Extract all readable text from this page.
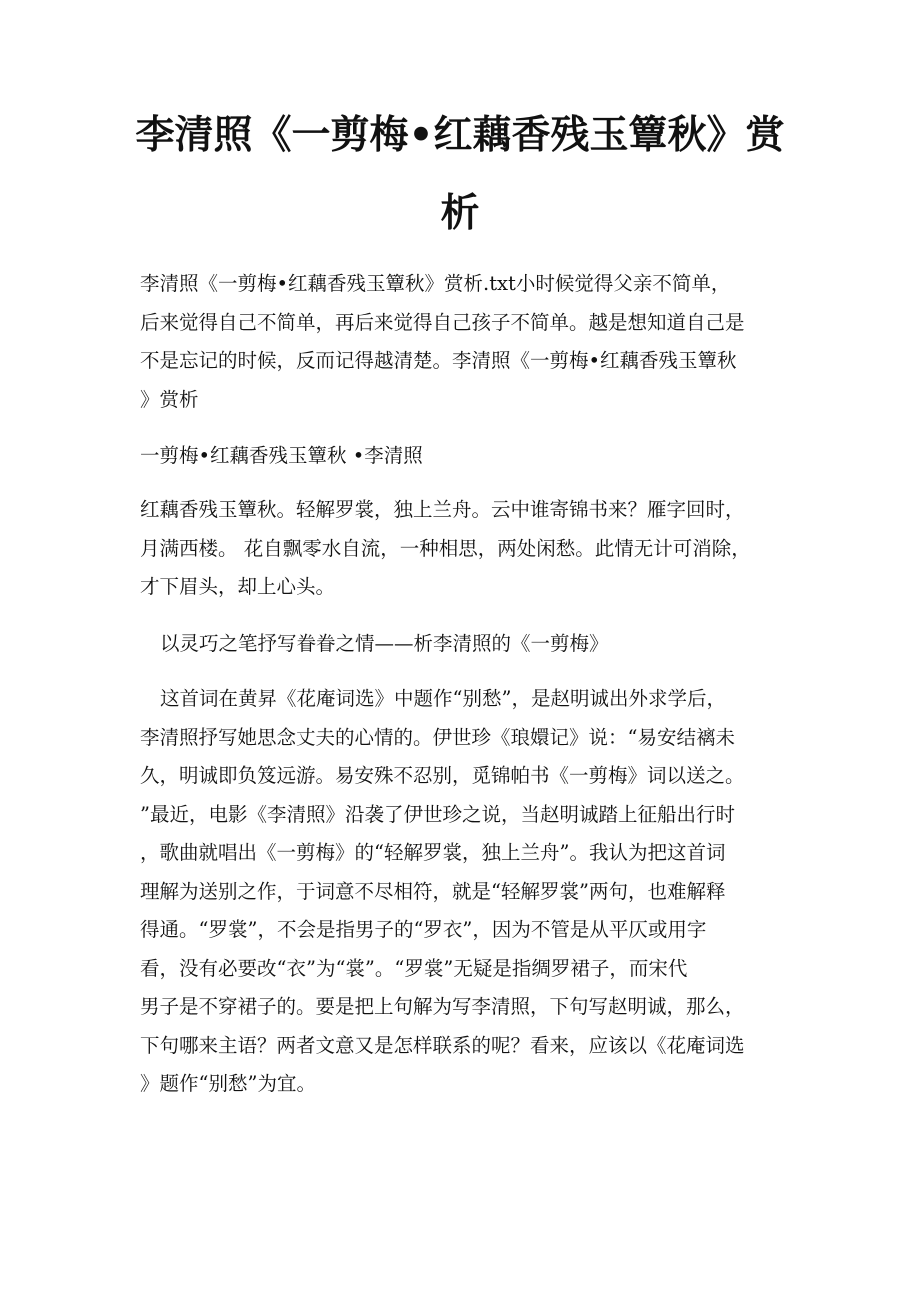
李清照《一剪梅•红藕香残玉簟秋》赏
析
李清照《一剪梅•红藕香残玉簟秋》赏析.txt小时候觉得父亲不简单，
后来觉得自己不简单，再后来觉得自己孩子不简单。越是想知道自己是
不是忘记的时候，反而记得越清楚。李清照《一剪梅•红藕香残玉簟秋
》赏析
一剪梅•红藕香残玉簟秋 •李清照
红藕香残玉簟秋。轻解罗裳，独上兰舟。云中谁寄锦书来？雁字回时，
月满西楼。 花自飘零水自流，一种相思，两处闲愁。此情无计可消除，
才下眉头，却上心头。
以灵巧之笔抒写眷眷之情——析李清照的《一剪梅》
这首词在黄昇《花庵词选》中题作“别愁”，是赵明诚出外求学后，
李清照抒写她思念丈夫的心情的。伊世珍《琅嬛记》说：“易安结褵未
久，明诚即负笈远游。易安殊不忍别，觅锦帕书《一剪梅》词以送之。
”最近，电影《李清照》沿袭了伊世珍之说，当赵明诚踏上征船出行时
，歌曲就唱出《一剪梅》的“轻解罗裳，独上兰舟”。我认为把这首词
理解为送别之作，于词意不尽相符，就是“轻解罗裳”两句，也难解释
得通。“罗裳”，不会是指男子的“罗衣”，因为不管是从平仄或用字
看，没有必要改“衣”为“裳”。“罗裳”无疑是指绸罗裙子，而宋代
男子是不穿裙子的。要是把上句解为写李清照，下句写赵明诚，那么，
下句哪来主语？两者文意又是怎样联系的呢？看来，应该以《花庵词选
》题作“别愁”为宜。
